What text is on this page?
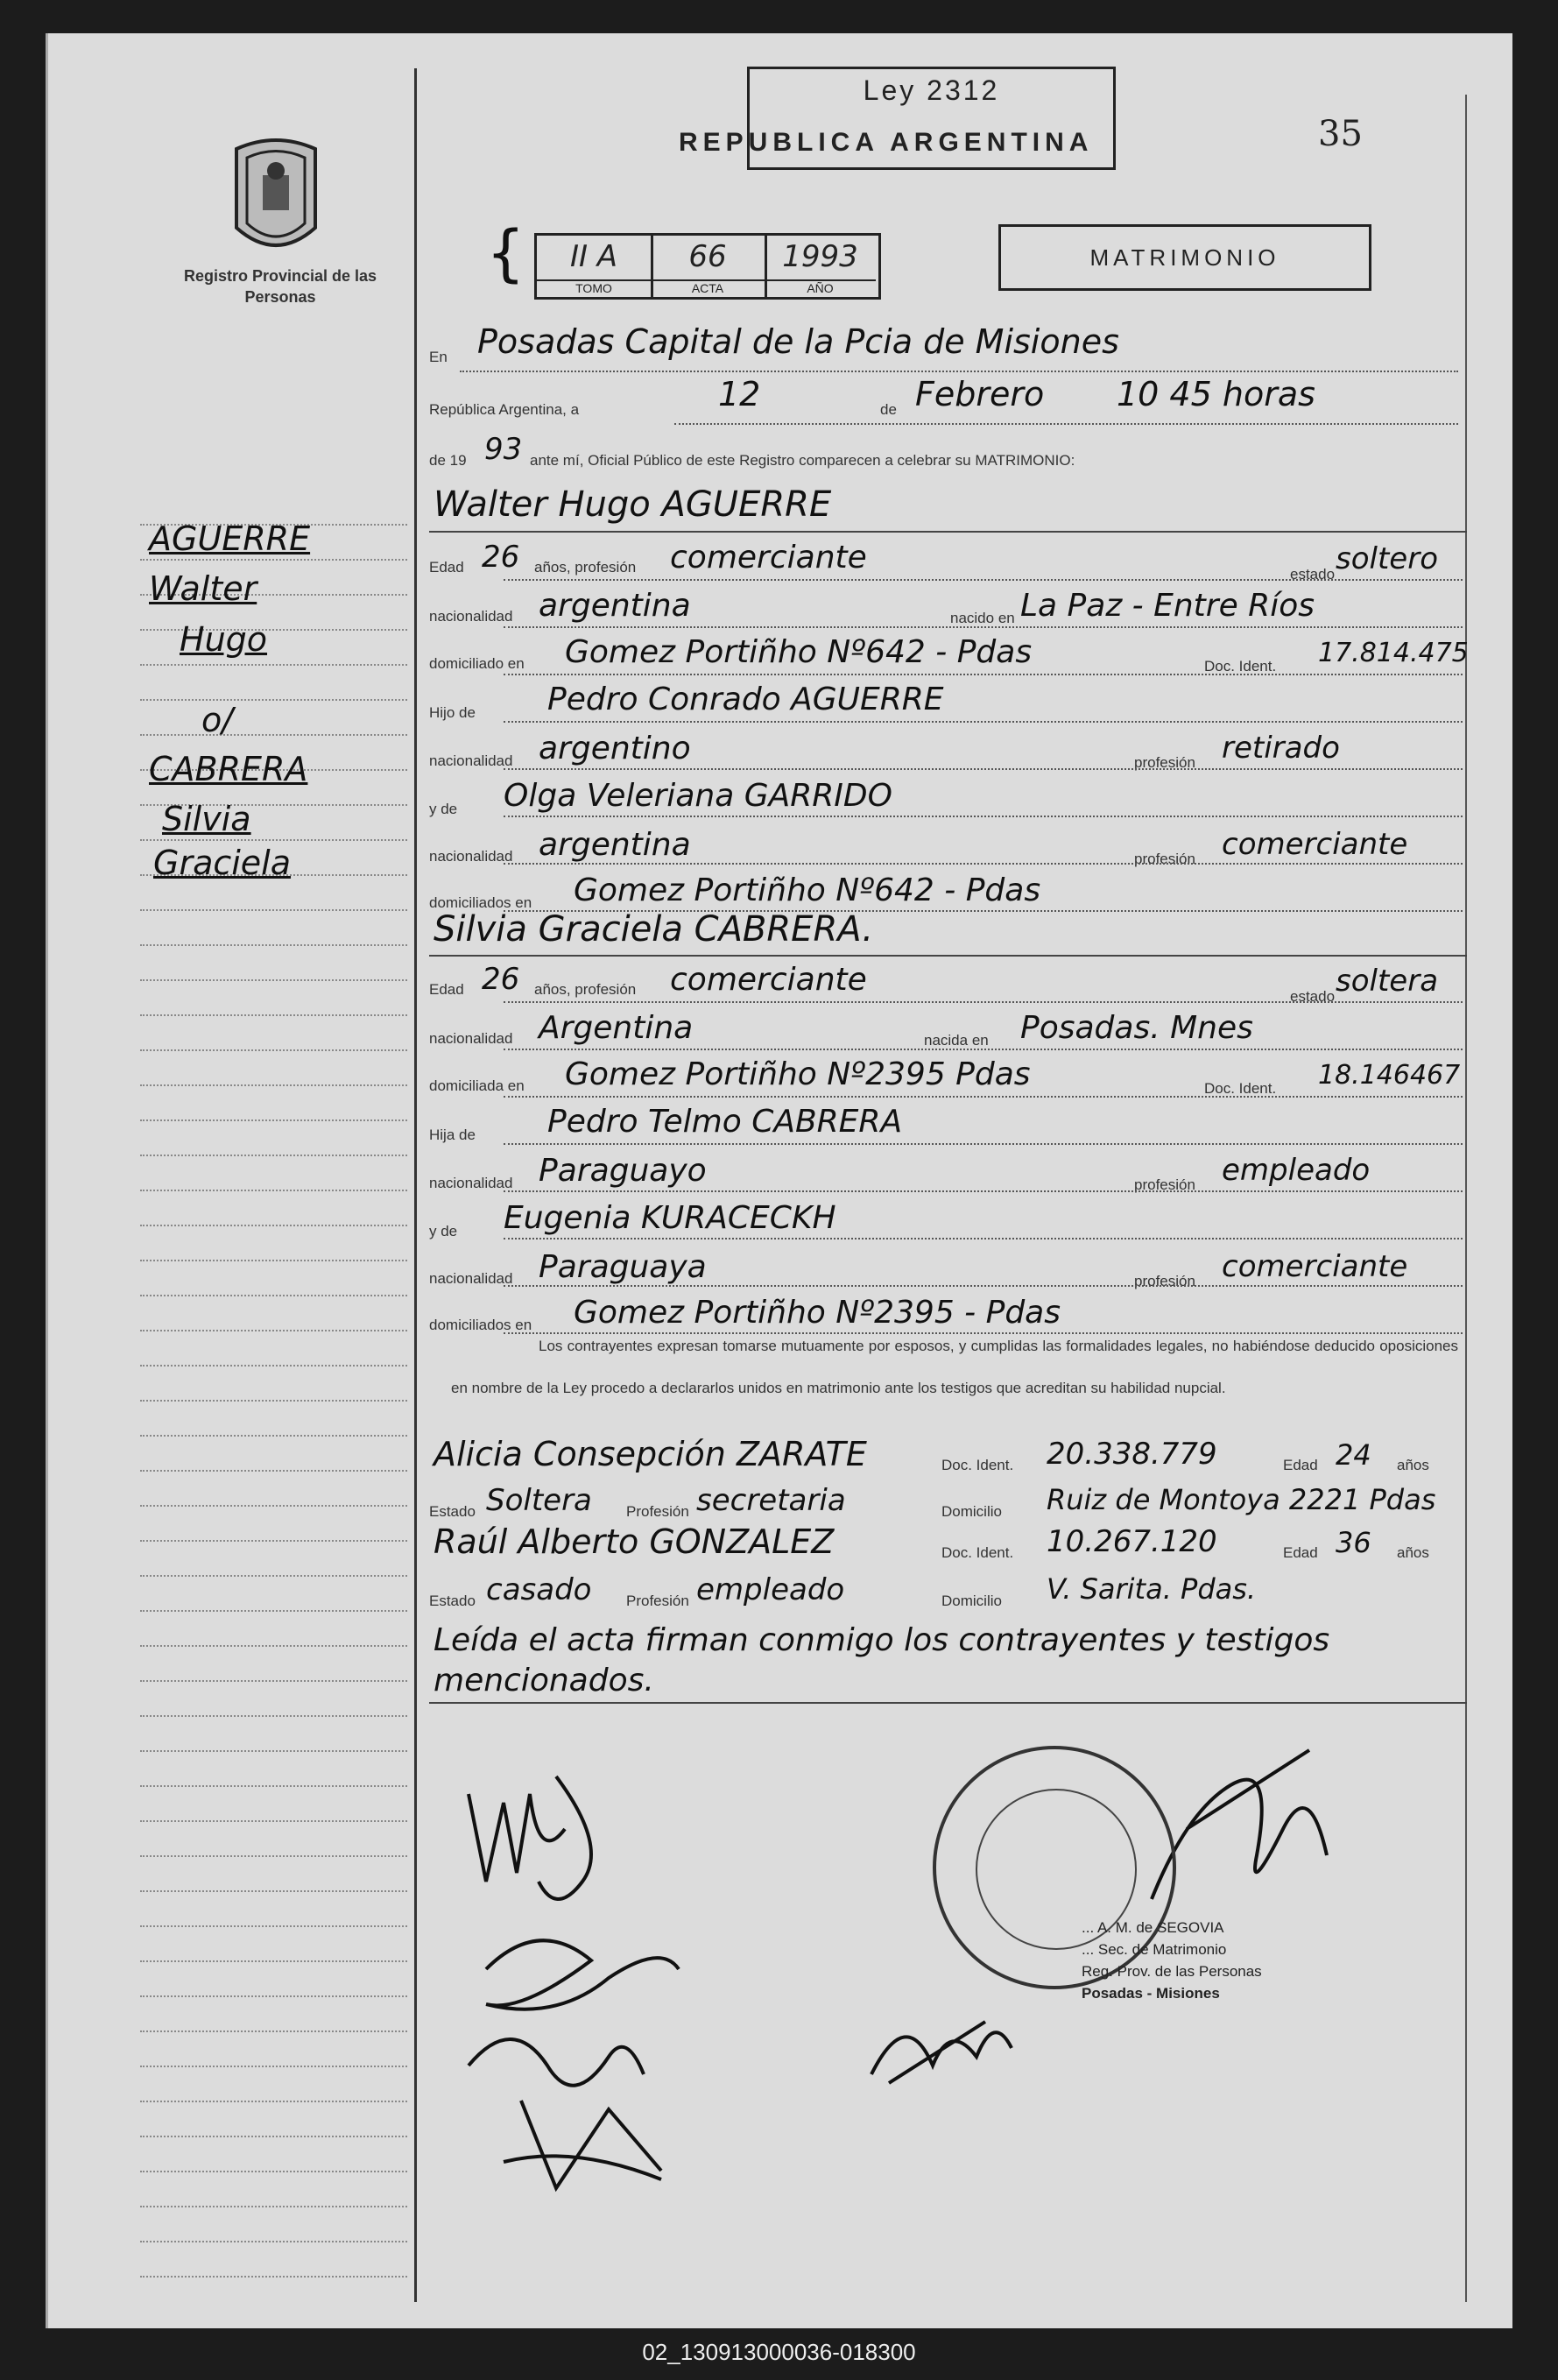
Registro Provincial de las Personas
AGUERRE
Walter
Hugo
o/
CABRERA
Silvia
Graciela
Ley 2312
REPUBLICA ARGENTINA	35
{	II A
TOMO
66
ACTA
1993
AÑO
MATRIMONIO
En Posadas Capital de la Pcia de Misiones
República Argentina, a	12	de Febrero 10 45 horas
de 19 93 ante mí, Oficial Público de este Registro comparecen a celebrar su MATRIMONIO:
Walter Hugo AGUERRE
Silvia Graciela CABRERA.
Los contrayentes expresan tomarse mutuamente por esposos, y cumplidas las formalidades legales, no habiéndose deducido oposiciones en nombre de la Ley procedo a declararlos unidos en matrimonio ante los testigos que acreditan su habilidad nupcial.
Alicia Consepción ZARATE	Doc. Ident. 20.338.779	Edad 24 años
Estado Soltera Profesión secretaria	Domicilio Ruiz de Montoya 2221 Pdas
Raúl Alberto GONZALEZ	Doc. Ident. 10.267.120	Edad 36 años
Estado casado Profesión empleado	Domicilio V. Sarita. Pdas.
Leída el acta firman conmigo los contrayentes y testigos mencionados.
... A. M. de SEGOVIA
... Sec. de Matrimonio
Reg. Prov. de las Personas
Posadas - Misiones
Edad 26 años, profesión comerciante	estado soltero
nacionalidad argentina	nacido en La Paz - Entre Ríos
domiciliado en Gomez Portiñho Nº642 - Pdas	Doc. Ident. 17.814.475
Hijo de Pedro Conrado AGUERRE
nacionalidad argentino	profesión retirado
y de Olga Veleriana GARRIDO
nacionalidad argentina	profesión comerciante
domiciliados en Gomez Portiñho Nº642 - Pdas
Edad 26 años, profesión comerciante	estado soltera
nacionalidad Argentina	nacida en Posadas. Mnes
domiciliada en Gomez Portiñho Nº2395 Pdas	Doc. Ident. 18.146467
Hija de Pedro Telmo CABRERA
nacionalidad Paraguayo	profesión empleado
y de Eugenia KURACECKH
nacionalidad Paraguaya	profesión comerciante
domiciliados en Gomez Portiñho Nº2395 - Pdas
02_130913000036-018300
